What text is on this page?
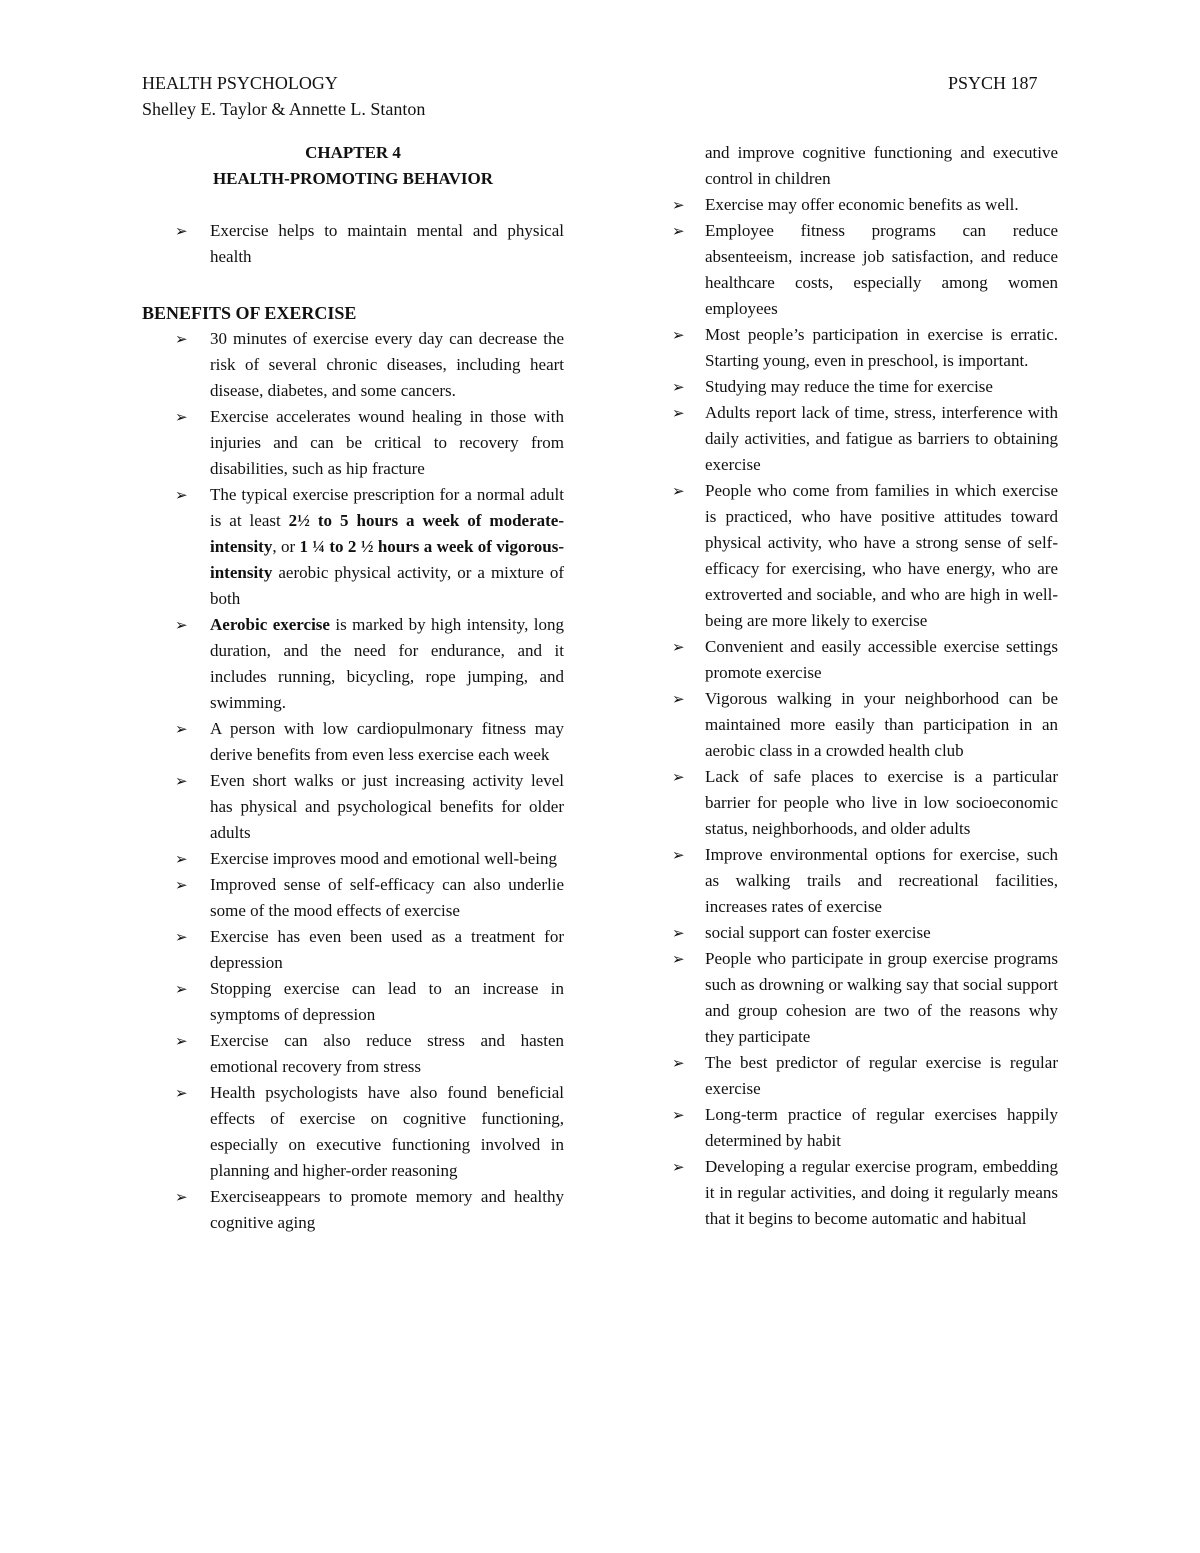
HEALTH PSYCHOLOGY
Shelley E. Taylor & Annette L. Stanton
PSYCH 187
CHAPTER 4
HEALTH-PROMOTING BEHAVIOR
➢ Exercise helps to maintain mental and physical health
BENEFITS OF EXERCISE
➢ 30 minutes of exercise every day can decrease the risk of several chronic diseases, including heart disease, diabetes, and some cancers.
➢ Exercise accelerates wound healing in those with injuries and can be critical to recovery from disabilities, such as hip fracture
➢ The typical exercise prescription for a normal adult is at least 2½ to 5 hours a week of moderate-intensity, or 1 ¼ to 2 ½ hours a week of vigorous-intensity aerobic physical activity, or a mixture of both
➢ Aerobic exercise is marked by high intensity, long duration, and the need for endurance, and it includes running, bicycling, rope jumping, and swimming.
➢ A person with low cardiopulmonary fitness may derive benefits from even less exercise each week
➢ Even short walks or just increasing activity level has physical and psychological benefits for older adults
➢ Exercise improves mood and emotional well-being
➢ Improved sense of self-efficacy can also underlie some of the mood effects of exercise
➢ Exercise has even been used as a treatment for depression
➢ Stopping exercise can lead to an increase in symptoms of depression
➢ Exercise can also reduce stress and hasten emotional recovery from stress
➢ Health psychologists have also found beneficial effects of exercise on cognitive functioning, especially on executive functioning involved in planning and higher-order reasoning
➢ Exerciseappears to promote memory and healthy cognitive aging
and improve cognitive functioning and executive control in children
➢ Exercise may offer economic benefits as well.
➢ Employee fitness programs can reduce absenteeism, increase job satisfaction, and reduce healthcare costs, especially among women employees
➢ Most people’s participation in exercise is erratic. Starting young, even in preschool, is important.
➢ Studying may reduce the time for exercise
➢ Adults report lack of time, stress, interference with daily activities, and fatigue as barriers to obtaining exercise
➢ People who come from families in which exercise is practiced, who have positive attitudes toward physical activity, who have a strong sense of self-efficacy for exercising, who have energy, who are extroverted and sociable, and who are high in well-being are more likely to exercise
➢ Convenient and easily accessible exercise settings promote exercise
➢ Vigorous walking in your neighborhood can be maintained more easily than participation in an aerobic class in a crowded health club
➢ Lack of safe places to exercise is a particular barrier for people who live in low socioeconomic status, neighborhoods, and older adults
➢ Improve environmental options for exercise, such as walking trails and recreational facilities, increases rates of exercise
➢ social support can foster exercise
➢ People who participate in group exercise programs such as drowning or walking say that social support and group cohesion are two of the reasons why they participate
➢ The best predictor of regular exercise is regular exercise
➢ Long-term practice of regular exercises happily determined by habit
➢ Developing a regular exercise program, embedding it in regular activities, and doing it regularly means that it begins to become automatic and habitual
